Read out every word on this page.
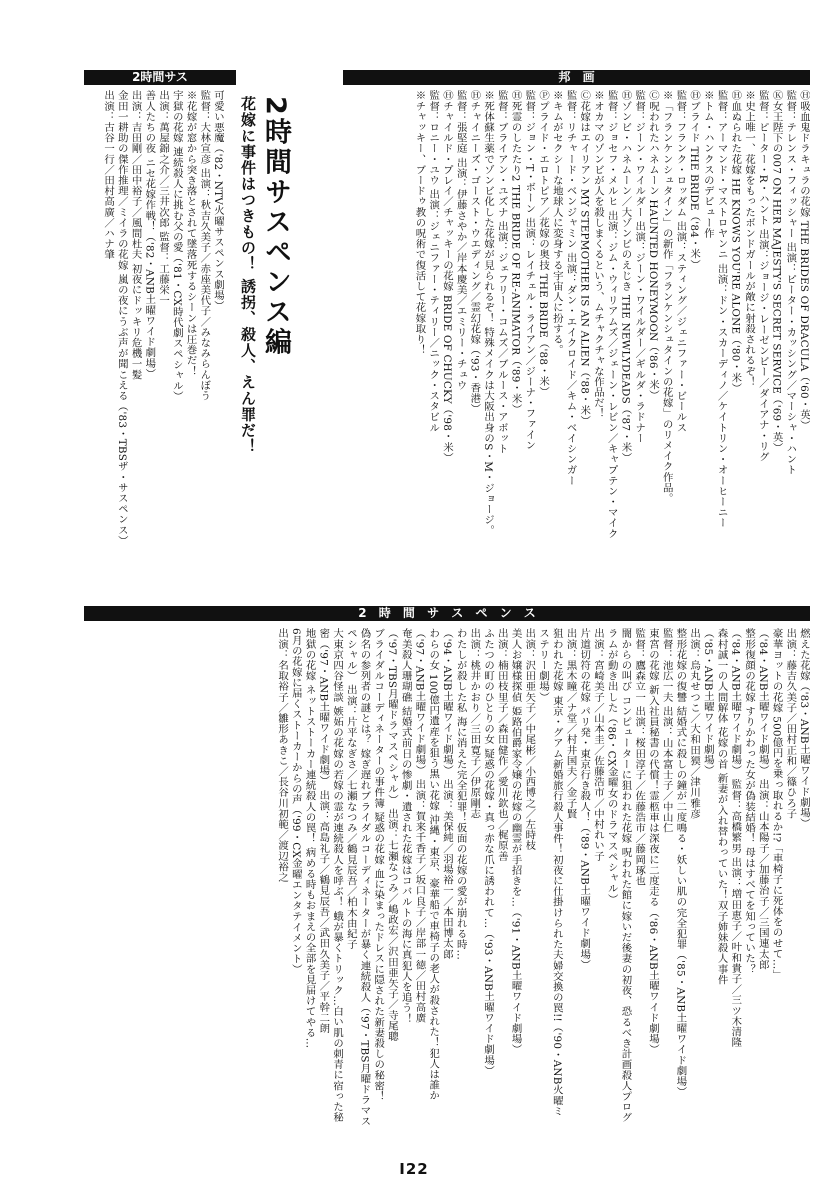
邦 画
2時間サス

Ⓗ吸血鬼ドラキュラの花嫁 THE BRIDES OF DRACULA（'60・英）

監督：テレンス・フィッシャー 出演：ピーター・カッシング／マーシャ・ハント

Ⓚ女王陛下の007 ON HER MAJESTY'S SECRET SERVICE（'69・英）

監督：ピーター・R・ハント 出演：ジョージ・レーゼンビー／ダイアナ・リグ

※史上唯一、花嫁をもったボンドガールが敵に射殺されるぞ！

Ⓗ血ぬられた花嫁 HE KNOWS YOU'RE ALONE（'80・米）

監督：アーマンド・マストロヤンニ 出演：ドン・スカーディノ／ケイトリン・オーヒーニー

※トム・ハンクスのデビュー作

Ⓗブライド THE BRIDE（'84・米）

監督：フランク・ロッダム 出演：スティング／ジェニファー・ビールス

※「フランケンシュタイン」の新作「フランケンシュタインの花嫁」のリメイク作品。

Ⓒ呪われたハネムーン HAUNTED HONEYMOON（'86・米）

監督：ジーン・ワイルダー 出演：ジーン・ワイルダー／ギルダ・ラドナー

Ⓗゾンビ・ハネムーン／大ゾンビのえじき THE NEWLYDEADS（'87・米）

監督：ジョセフ・メルヒ 出演：ジム・ウィリアムズ／ジェーン・レビン／キャプテン・マイク

※オカマのゾンビが人を殺しまくるという、ムチャクチャな作品だ！

Ⓒ花嫁はエイリアン MY STEPMOTHER IS AN ALIEN（'88・米）

監督：リチャード・ベンジャミン 出演：ダン・エイクロイド／キム・ベイシンガー

※キムがセクシーな地球人に変身する宇宙人に扮する。

Ⓟプライド・エロトピア／花嫁の奥技 THE BRIDE（'88・米）

監督：ジョン・T・ボーン 出演：レイチェル・ライアン／ジーナ・ファイン

Ⓗ死霊のしたたり2 THE BRIDE OF RE-ANIMATOR（'89・米）

監督：ブライアン・ユズナ 出演：ジェフリー・コムズ／ブルース・アボット

※死体蘇生薬でゾンビ化した花嫁が見られるぞ！ 特殊メイクは大阪出身のS・M・ジョージ。

Ⓗチャイニーズ・ゴースト・ウエディング／霊幻花嫁（'93・香港）

監督：張堅庭 出演：伊藤さやか／岸本慶美／エミリー・チュウ

Ⓗチャイルド・プレイ／チャッキーの花嫁 BRIDE OF CHUCKY（'98・米）

監督：ロニー・ユウ 出演：ジェニファー・ティリー／ニック・スタビル

※チャッキー、ブードゥ教の呪術で復活して花嫁取り！

2時間サスペンス編
花嫁に事件はつきもの！ 誘拐、殺人、えん罪だ！

可愛い悪魔（'82・NTV火曜サスペンス劇場）

監督：大林宣彦 出演：秋吉久美子／赤座美代子／みなみらんぼう

※花嫁が窓から突き落とされて墜落死するシーンは圧巻だ！

宇獄の花嫁 連続殺人に挑む父の愛（'81・CX時代劇スペシャル）

出演：萬屋錦之介／三井次郎 監督：工藤栄一

善人たちの夜 ニセ花嫁作戦！（'82・ANB土曜ワイド劇場）

出演：吉田剛／田中裕子／風間杜夫 初夜にドッキリ危機一髪

金田一耕助の傑作推理／ミイラの花嫁 嵐の夜にうぶ声が聞こえる（'83・TBSザ・サスペンス）

出演：古谷一行／田村高廣／ハナ肇

2 時 間 サ ス ペ ン ス

燃えた花嫁（'83・ANB土曜ワイド劇場）

出演：藤吉久美子／田村正和／篠ひろ子

豪華ヨットの花嫁 500億円を乗っ取れるか!?「車椅子に死体をのせて…」

（'84・ANB土曜ワイド劇場） 出演：山本陽子／加藤治子／三国連太郎

整形復顔の花嫁 すりかわった女が偽装結婚！ 母はすべてを知っていた？

（'84・ANB土曜ワイド劇場） 監督：高橋繁男 出演：増田恵子／叶和貴子／三ツ木清隆

森村誠一の人間解体 花嫁の首 新妻が入れ替わっていた！双子姉妹殺人事件

（'85・ANB土曜ワイド劇場）

出演：烏丸せつこ／大和田獏／津川雅彦

整形花嫁の復讐 結婚式に殺しの鐘が二度鳴る・妖しい肌の完全犯罪（'85・ANB土曜ワイド劇場）

監督：池広一夫 出演：山本富士子／中山仁

東宮の花嫁 新入社員秘書の代償！霊柩車は深夜に二度走る（'86・ANB土曜ワイド劇場）

監督：鷹森立一 出演：桜田淳子／佐藤浩市／藤岡琢也

闇からの叫び コンピューターに狙われた花嫁 呪われた館に嫁いだ後妻の初夜、恐るべき計画殺人プログ

ラムが動き出した（'86・CX金曜女のドラマスペシャル）

出演：宮崎美子／山本圭／佐藤浩市／中村れい子

片道切符の花嫁 パリ発・東京行き殺人！（'89・ANB土曜ワイド劇場）

出演：黒木瞳／ナ堂／村井国夫／金子賢

狙われた花嫁 東京・グアム新婚旅行殺人事件！初夜に仕掛けられた夫婦交換の罠!!（'90・ANB火曜ミ

ステリー劇場）

出演：沢田亜矢子／中尾彬／小西博之／左時枝

美人お嬢様探偵 姫路伯爵家令嬢の花嫁の幽霊が手招きを…（'91・ANB土曜ワイド劇場）

出演：楠田枝里子／森田健作／愛川欽也／梶原善

ふたつの町のひとりの女 疑惑の花嫁・真っ赤な爪に誘われて…（'93・ANB土曜ワイド劇場）

出演：桃井かおり／三田寛子／伊原剛志

わたしが殺した私 海に消えた完全犯罪！仮面の花嫁の愛が崩れる時…

（'94・ANB土曜ワイド劇場） 出演：美保純／羽場裕一／本田博太郎

わらの女 100億円遺産を狙う黒い花嫁 沖縄・東京、豪華船で車椅子の老人が殺された！犯人は誰か

（'97・ANB土曜ワイド劇場） 出演：賀来千香子／坂口良子／岸部一徳／田村高廣

奄美殺人珊瑚礁 結婚式前日の惨劇・遺された花嫁はコバルトの海に真犯人を追う！

（'97・TBS月曜ドラマスペシャル） 出演：七瀬なつみ／嶋政宏／沢田亜矢子／寺尾聰

ブライダルコーディネーターの事件簿 疑惑の花嫁 血に染まったドレスに隠された新妻殺しの秘密！

偽名の参列者の謎とは？ 嫁ぎ遅れブライダルコーディネーターが暴く連続殺人（'97・TBS月曜ドラマス

ペシャル） 出演：片平なぎさ／七瀬なつみ／鶴見辰吾／柏木由紀子

大東京四谷怪談 嫉妬の花嫁の若嫁の霊が連続殺人を呼ぶ！ 蛾が暴くトリック…白い肌の刺青に宿った秘

密（'97・ANB土曜ワイド劇場） 出演：高島礼子／鶴見辰吾／武田久美子／平幹二朗

地獄の花嫁 ネットストーカー連続殺人の罠！ 病める時もおまえの全部を見届けてやる…

6月の花嫁に届くストーカーからの声（'99・CX金曜エンタテイメント）

出演：名取裕子／雛形あきこ／長谷川初範／渡辺裕之

I22
